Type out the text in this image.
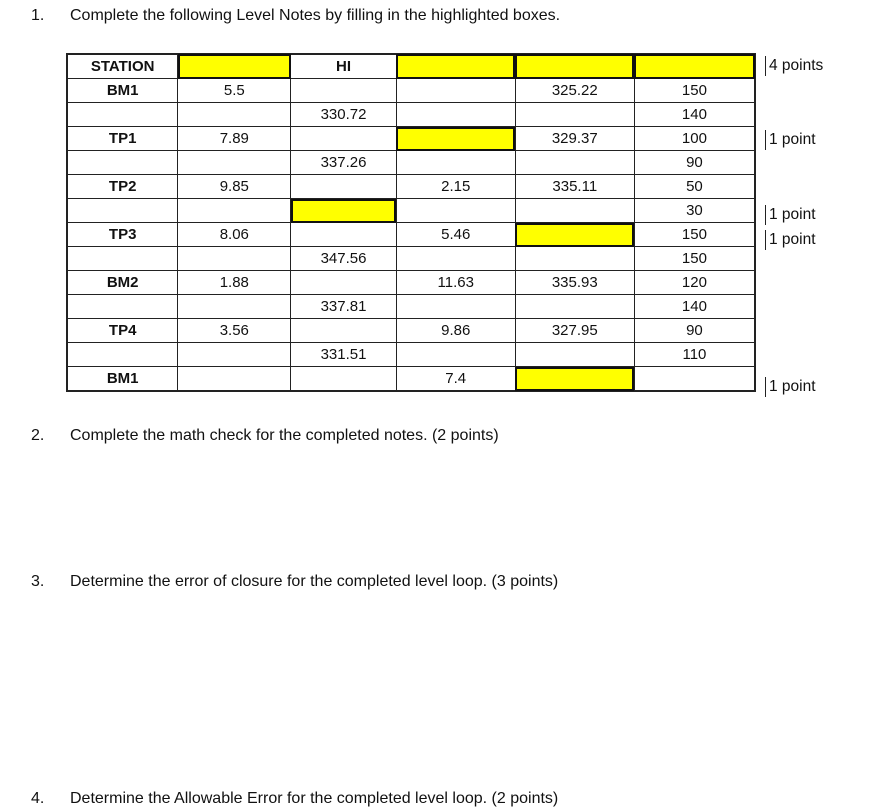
1. Complete the following Level Notes by filling in the highlighted boxes.
STATION		HI				
BM1	5.5			325.22	150	
		330.72			140	
TP1	7.89			329.37	100	
		337.26			90	
TP2	9.85		2.15	335.11	50	
					30	
TP3	8.06		5.46		150	
		347.56			150	
BM2	1.88		11.63	335.93	120	
		337.81			140	
TP4	3.56		9.86	327.95	90	
		331.51			110	
BM1			7.4			
4 points
1 point
1 point
1 point
1 point
2. Complete the math check for the completed notes. (2 points)
3. Determine the error of closure for the completed level loop. (3 points)
4. Determine the Allowable Error for the completed level loop. (2 points)
